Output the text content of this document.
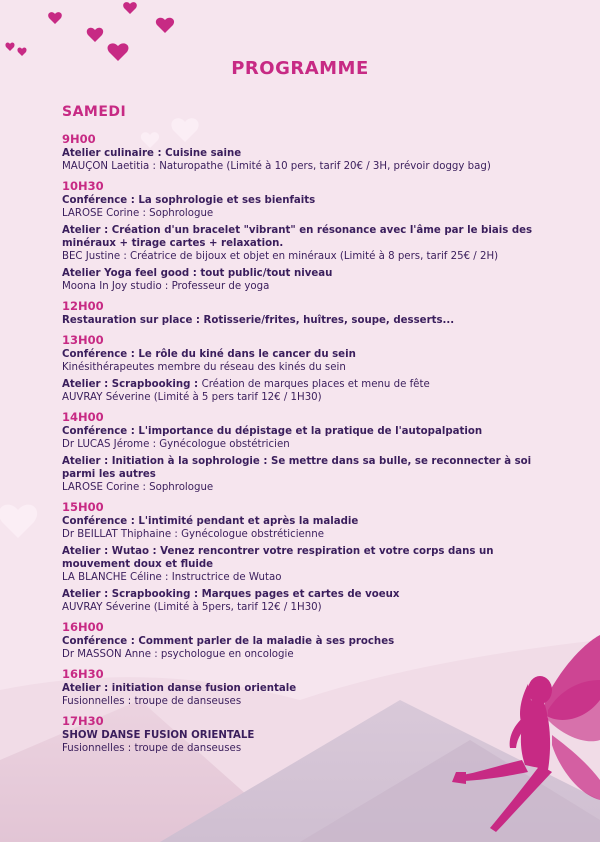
PROGRAMME
SAMEDI
9H00
Atelier culinaire : Cuisine saine
MAUÇON Laetitia : Naturopathe (Limité à 10 pers, tarif 20€ / 3H, prévoir doggy bag)
10H30
Conférence : La sophrologie et ses bienfaits
LAROSE Corine : Sophrologue
Atelier : Création d'un bracelet "vibrant" en résonance avec l'âme par le biais des minéraux + tirage cartes + relaxation.
BEC Justine : Créatrice de bijoux et objet en minéraux (Limité à 8 pers, tarif 25€ / 2H)
Atelier Yoga feel good : tout public/tout niveau
Moona In Joy studio : Professeur de yoga
12H00
Restauration sur place : Rotisserie/frites, huîtres, soupe, desserts...
13H00
Conférence : Le rôle du kiné dans le cancer du sein
Kinésithérapeutes membre du réseau des kinés du sein
Atelier : Scrapbooking : Création de marques places et menu de fête
AUVRAY Séverine (Limité à 5 pers tarif 12€ / 1H30)
14H00
Conférence : L'importance du dépistage et la pratique de l'autopalpation
Dr LUCAS Jérome : Gynécologue obstétricien
Atelier : Initiation à la sophrologie : Se mettre dans sa bulle, se reconnecter à soi parmi les autres
LAROSE Corine : Sophrologue
15H00
Conférence : L'intimité pendant et après la maladie
Dr BEILLAT Thiphaine : Gynécologue obstréticienne
Atelier : Wutao : Venez rencontrer votre respiration et votre corps dans un mouvement doux et fluide
LA BLANCHE Céline : Instructrice de Wutao
Atelier : Scrapbooking : Marques pages et cartes de voeux
AUVRAY Séverine (Limité à 5pers, tarif 12€ / 1H30)
16H00
Conférence : Comment parler de la maladie à ses proches
Dr MASSON Anne : psychologue en oncologie
16H30
Atelier : initiation danse fusion orientale
Fusionnelles : troupe de danseuses
17H30
SHOW DANSE FUSION ORIENTALE
Fusionnelles : troupe de danseuses
